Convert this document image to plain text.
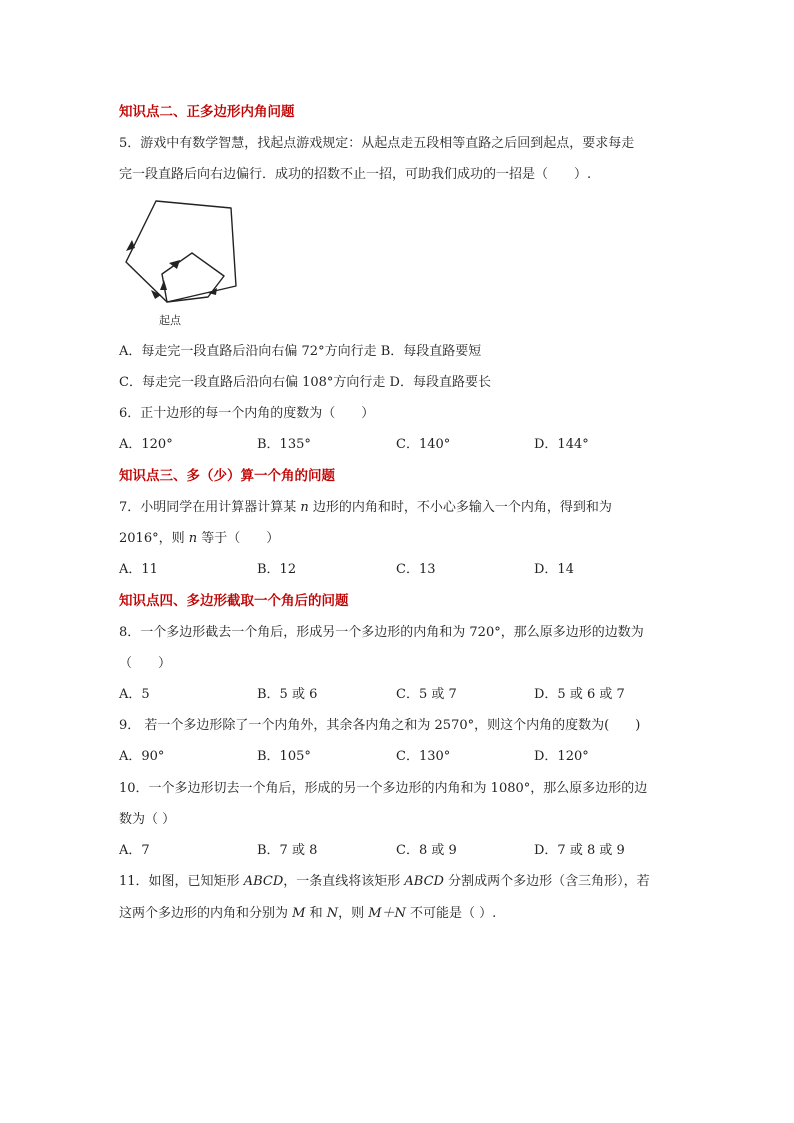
知识点二、正多边形内角问题
5．游戏中有数学智慧，找起点游戏规定：从起点走五段相等直路之后回到起点，要求每走
完一段直路后向右边偏行．成功的招数不止一招，可助我们成功的一招是（　　）.
起点
A．每走完一段直路后沿向右偏 72°方向行走 B．每段直路要短
C．每走完一段直路后沿向右偏 108°方向行走 D．每段直路要长
6．正十边形的每一个内角的度数为（　　）
A．120°	B．135°	C．140°	D．144°
知识点三、多（少）算一个角的问题
7．小明同学在用计算器计算某 n 边形的内角和时，不小心多输入一个内角，得到和为
2016°，则 n 等于（　　）
A．11	B．12	C．13	D．14
知识点四、多边形截取一个角后的问题
8．一个多边形截去一个角后，形成另一个多边形的内角和为 720°，那么原多边形的边数为
（　　）
A．5	B．5 或 6	C．5 或 7	D．5 或 6 或 7
9． 若一个多边形除了一个内角外，其余各内角之和为 2570°，则这个内角的度数为(　　)
A．90°	B．105°	C．130°	D．120°
10．一个多边形切去一个角后，形成的另一个多边形的内角和为 1080°，那么原多边形的边
数为（ ）
A．7	B．7 或 8	C．8 或 9	D．7 或 8 或 9
11．如图，已知矩形 ABCD，一条直线将该矩形 ABCD 分割成两个多边形（含三角形），若
这两个多边形的内角和分别为 M 和 N，则 M＋N 不可能是（ ）.
